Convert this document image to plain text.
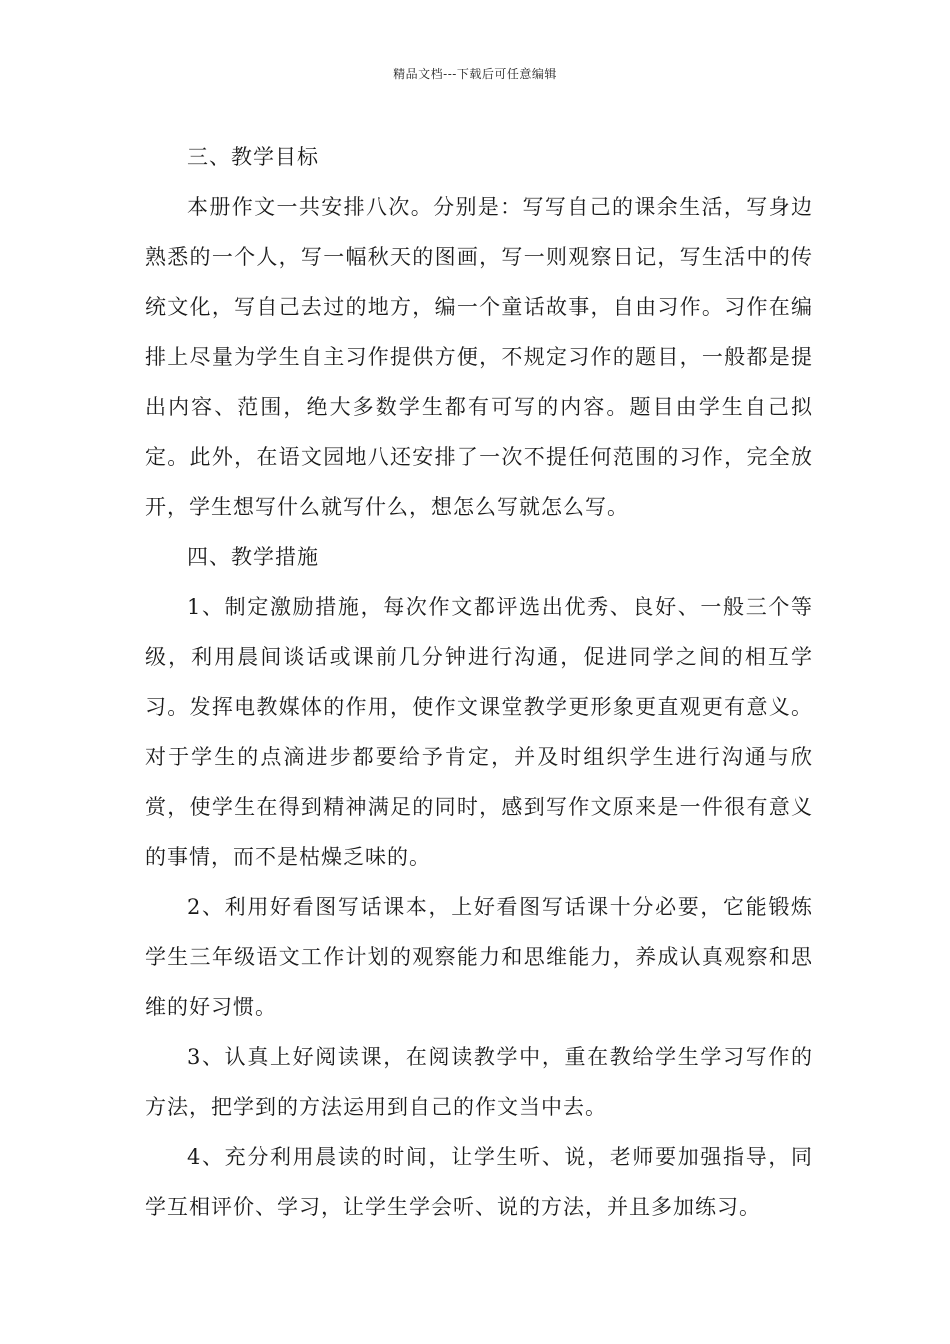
精品文档---下载后可任意编辑

三、教学目标

本册作文一共安排八次。分别是：写写自己的课余生活，写身边熟悉的一个人，写一幅秋天的图画，写一则观察日记，写生活中的传统文化，写自己去过的地方，编一个童话故事，自由习作。习作在编排上尽量为学生自主习作提供方便，不规定习作的题目，一般都是提出内容、范围，绝大多数学生都有可写的内容。题目由学生自己拟定。此外，在语文园地八还安排了一次不提任何范围的习作，完全放开，学生想写什么就写什么，想怎么写就怎么写。

四、教学措施

1、制定激励措施，每次作文都评选出优秀、良好、一般三个等级，利用晨间谈话或课前几分钟进行沟通，促进同学之间的相互学习。发挥电教媒体的作用，使作文课堂教学更形象更直观更有意义。对于学生的点滴进步都要给予肯定，并及时组织学生进行沟通与欣赏，使学生在得到精神满足的同时，感到写作文原来是一件很有意义的事情，而不是枯燥乏味的。

2、利用好看图写话课本，上好看图写话课十分必要，它能锻炼学生三年级语文工作计划的观察能力和思维能力，养成认真观察和思维的好习惯。

3、认真上好阅读课，在阅读教学中，重在教给学生学习写作的方法，把学到的方法运用到自己的作文当中去。

4、充分利用晨读的时间，让学生听、说，老师要加强指导，同学互相评价、学习，让学生学会听、说的方法，并且多加练习。
